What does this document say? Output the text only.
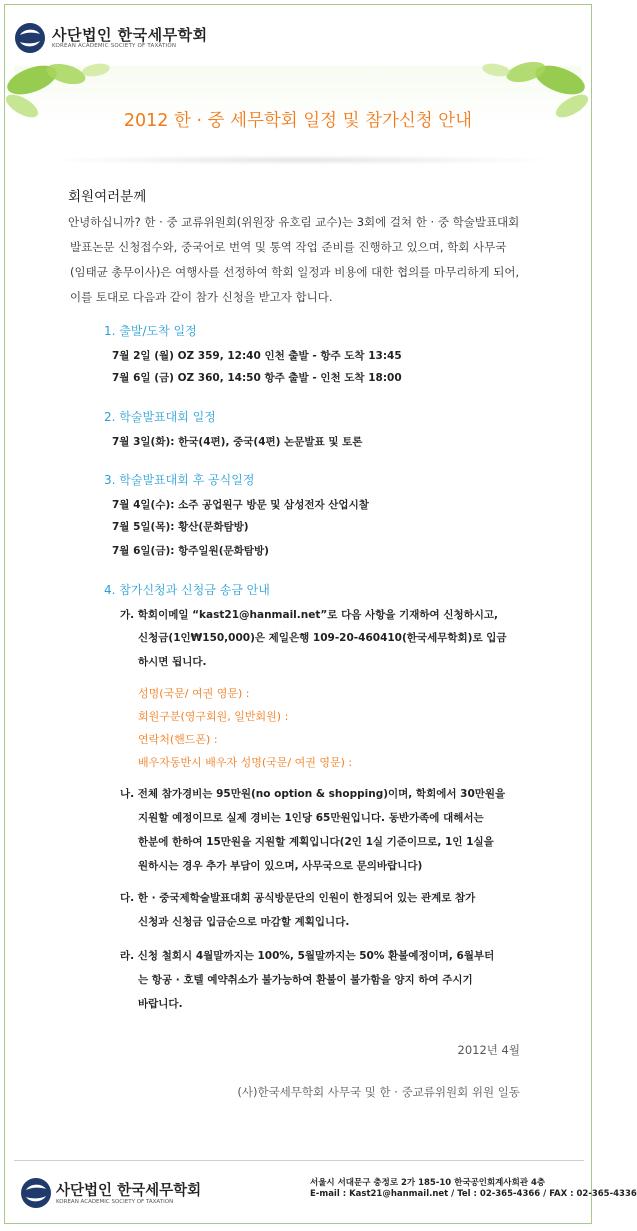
사단법인 한국세무학회
KOREAN ACADEMIC SOCIETY OF TAXATION
2012 한 · 중 세무학회 일정 및 참가신청 안내
회원여러분께
안녕하십니까? 한 · 중 교류위원회(위원장 유호림 교수)는 3회에 걸쳐 한 · 중 학술발표대회
발표논문 신청접수와, 중국어로 번역 및 통역 작업 준비를 진행하고 있으며, 학회 사무국
(임태균 총무이사)은 여행사를 선정하여 학회 일정과 비용에 대한 협의를 마무리하게 되어,
이를 토대로 다음과 같이 참가 신청을 받고자 합니다.
1. 출발/도착 일정
7월 2일 (월) OZ 359, 12:40 인천 출발 - 항주 도착 13:45
7월 6일 (금) OZ 360, 14:50 항주 출발 - 인천 도착 18:00
2. 학술발표대회 일정
7월 3일(화): 한국(4편), 중국(4편) 논문발표 및 토론
3. 학술발표대회 후 공식일정
7월 4일(수): 소주 공업원구 방문 및 삼성전자 산업시찰
7월 5일(목): 황산(문화탐방)
7월 6일(금): 항주일원(문화탐방)
4. 참가신청과 신청금 송금 안내
가. 학회이메일 “kast21@hanmail.net”로 다음 사항을 기재하여 신청하시고,
신청금(1인₩150,000)은 제일은행 109-20-460410(한국세무학회)로 입금
하시면 됩니다.
성명(국문/ 여권 영문) :
회원구분(영구회원, 일반회원) :
연락처(핸드폰) :
배우자동반시 배우자 성명(국문/ 여권 영문) :
나. 전체 참가경비는 95만원(no option & shopping)이며, 학회에서 30만원을
지원할 예정이므로 실제 경비는 1인당 65만원입니다. 동반가족에 대해서는
한분에 한하여 15만원을 지원할 계획입니다(2인 1실 기준이므로, 1인 1실을
원하시는 경우 추가 부담이 있으며, 사무국으로 문의바랍니다)
다. 한 · 중국제학술발표대회 공식방문단의 인원이 한정되어 있는 관계로 참가
신청과 신청금 입금순으로 마감할 계획입니다.
라. 신청 철회시 4월말까지는 100%, 5월말까지는 50% 환불예정이며, 6월부터
는 항공 · 호텔 예약취소가 불가능하여 환불이 불가함을 양지 하여 주시기
바랍니다.
2012년 4월
(사)한국세무학회 사무국 및 한 · 중교류위원회 위원 일동
사단법인 한국세무학회
KOREAN ACADEMIC SOCIETY OF TAXATION
서울시 서대문구 충정로 2가 185-10 한국공인회계사회관 4층
E-mail : Kast21@hanmail.net / Tel : 02-365-4366 / FAX : 02-365-4336
